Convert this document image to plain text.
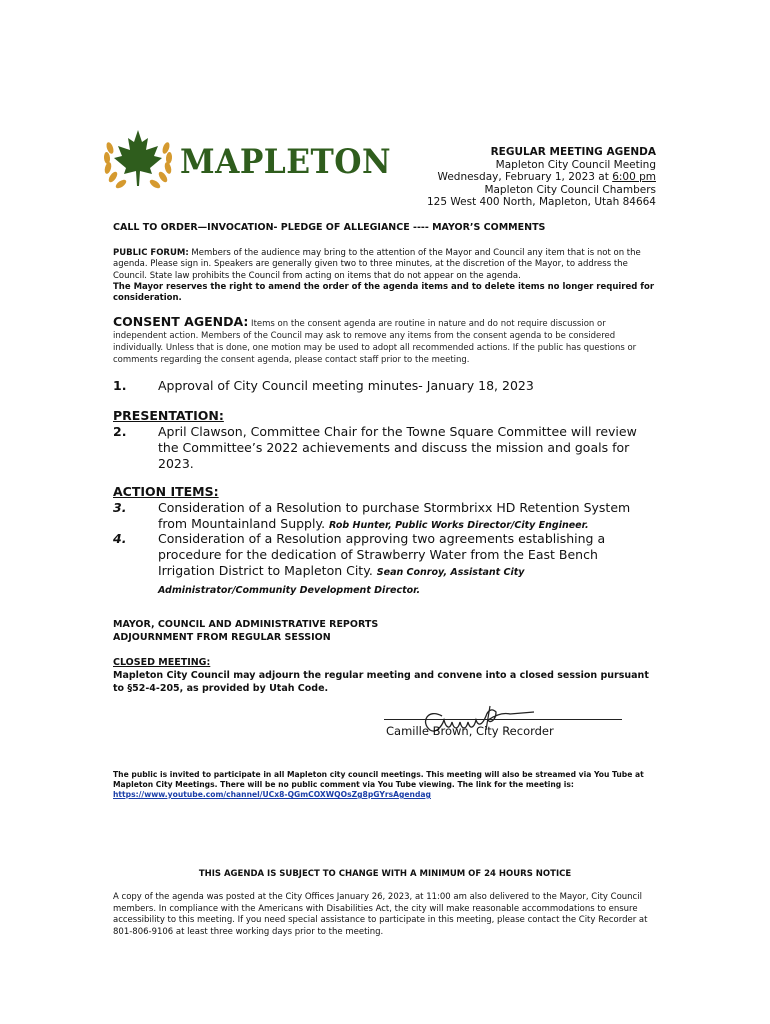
MAPLETON	REGULAR MEETING AGENDA
Mapleton City Council Meeting
Wednesday, February 1, 2023 at 6:00 pm
Mapleton City Council Chambers
125 West 400 North, Mapleton, Utah 84664
CALL TO ORDER—INVOCATION- PLEDGE OF ALLEGIANCE ---- MAYOR’S COMMENTS
PUBLIC FORUM: Members of the audience may bring to the attention of the Mayor and Council any item that is not on the agenda. Please sign in. Speakers are generally given two to three minutes, at the discretion of the Mayor, to address the Council. State law prohibits the Council from acting on items that do not appear on the agenda.
The Mayor reserves the right to amend the order of the agenda items and to delete items no longer required for consideration.
CONSENT AGENDA: Items on the consent agenda are routine in nature and do not require discussion or independent action. Members of the Council may ask to remove any items from the consent agenda to be considered individually. Unless that is done, one motion may be used to adopt all recommended actions. If the public has questions or comments regarding the consent agenda, please contact staff prior to the meeting.
1.	Approval of City Council meeting minutes- January 18, 2023
PRESENTATION:
2.	April Clawson, Committee Chair for the Towne Square Committee will review the Committee’s 2022 achievements and discuss the mission and goals for 2023.
ACTION ITEMS:
3.	Consideration of a Resolution to purchase Stormbrixx HD Retention System from Mountainland Supply. Rob Hunter, Public Works Director/City Engineer.
4.	Consideration of a Resolution approving two agreements establishing a procedure for the dedication of Strawberry Water from the East Bench Irrigation District to Mapleton City. Sean Conroy, Assistant City Administrator/Community Development Director.
MAYOR, COUNCIL AND ADMINISTRATIVE REPORTS
ADJOURNMENT FROM REGULAR SESSION
CLOSED MEETING:
Mapleton City Council may adjourn the regular meeting and convene into a closed session pursuant to §52-4-205, as provided by Utah Code.
Camille Brown, City Recorder
The public is invited to participate in all Mapleton city council meetings. This meeting will also be streamed via You Tube at Mapleton City Meetings. There will be no public comment via You Tube viewing. The link for the meeting is:
https://www.youtube.com/channel/UCx8-QGmCOXWQOsZg8pGYrsAgendag
THIS AGENDA IS SUBJECT TO CHANGE WITH A MINIMUM OF 24 HOURS NOTICE
A copy of the agenda was posted at the City Offices January 26, 2023, at 11:00 am also delivered to the Mayor, City Council members. In compliance with the Americans with Disabilities Act, the city will make reasonable accommodations to ensure accessibility to this meeting. If you need special assistance to participate in this meeting, please contact the City Recorder at 801-806-9106 at least three working days prior to the meeting.
